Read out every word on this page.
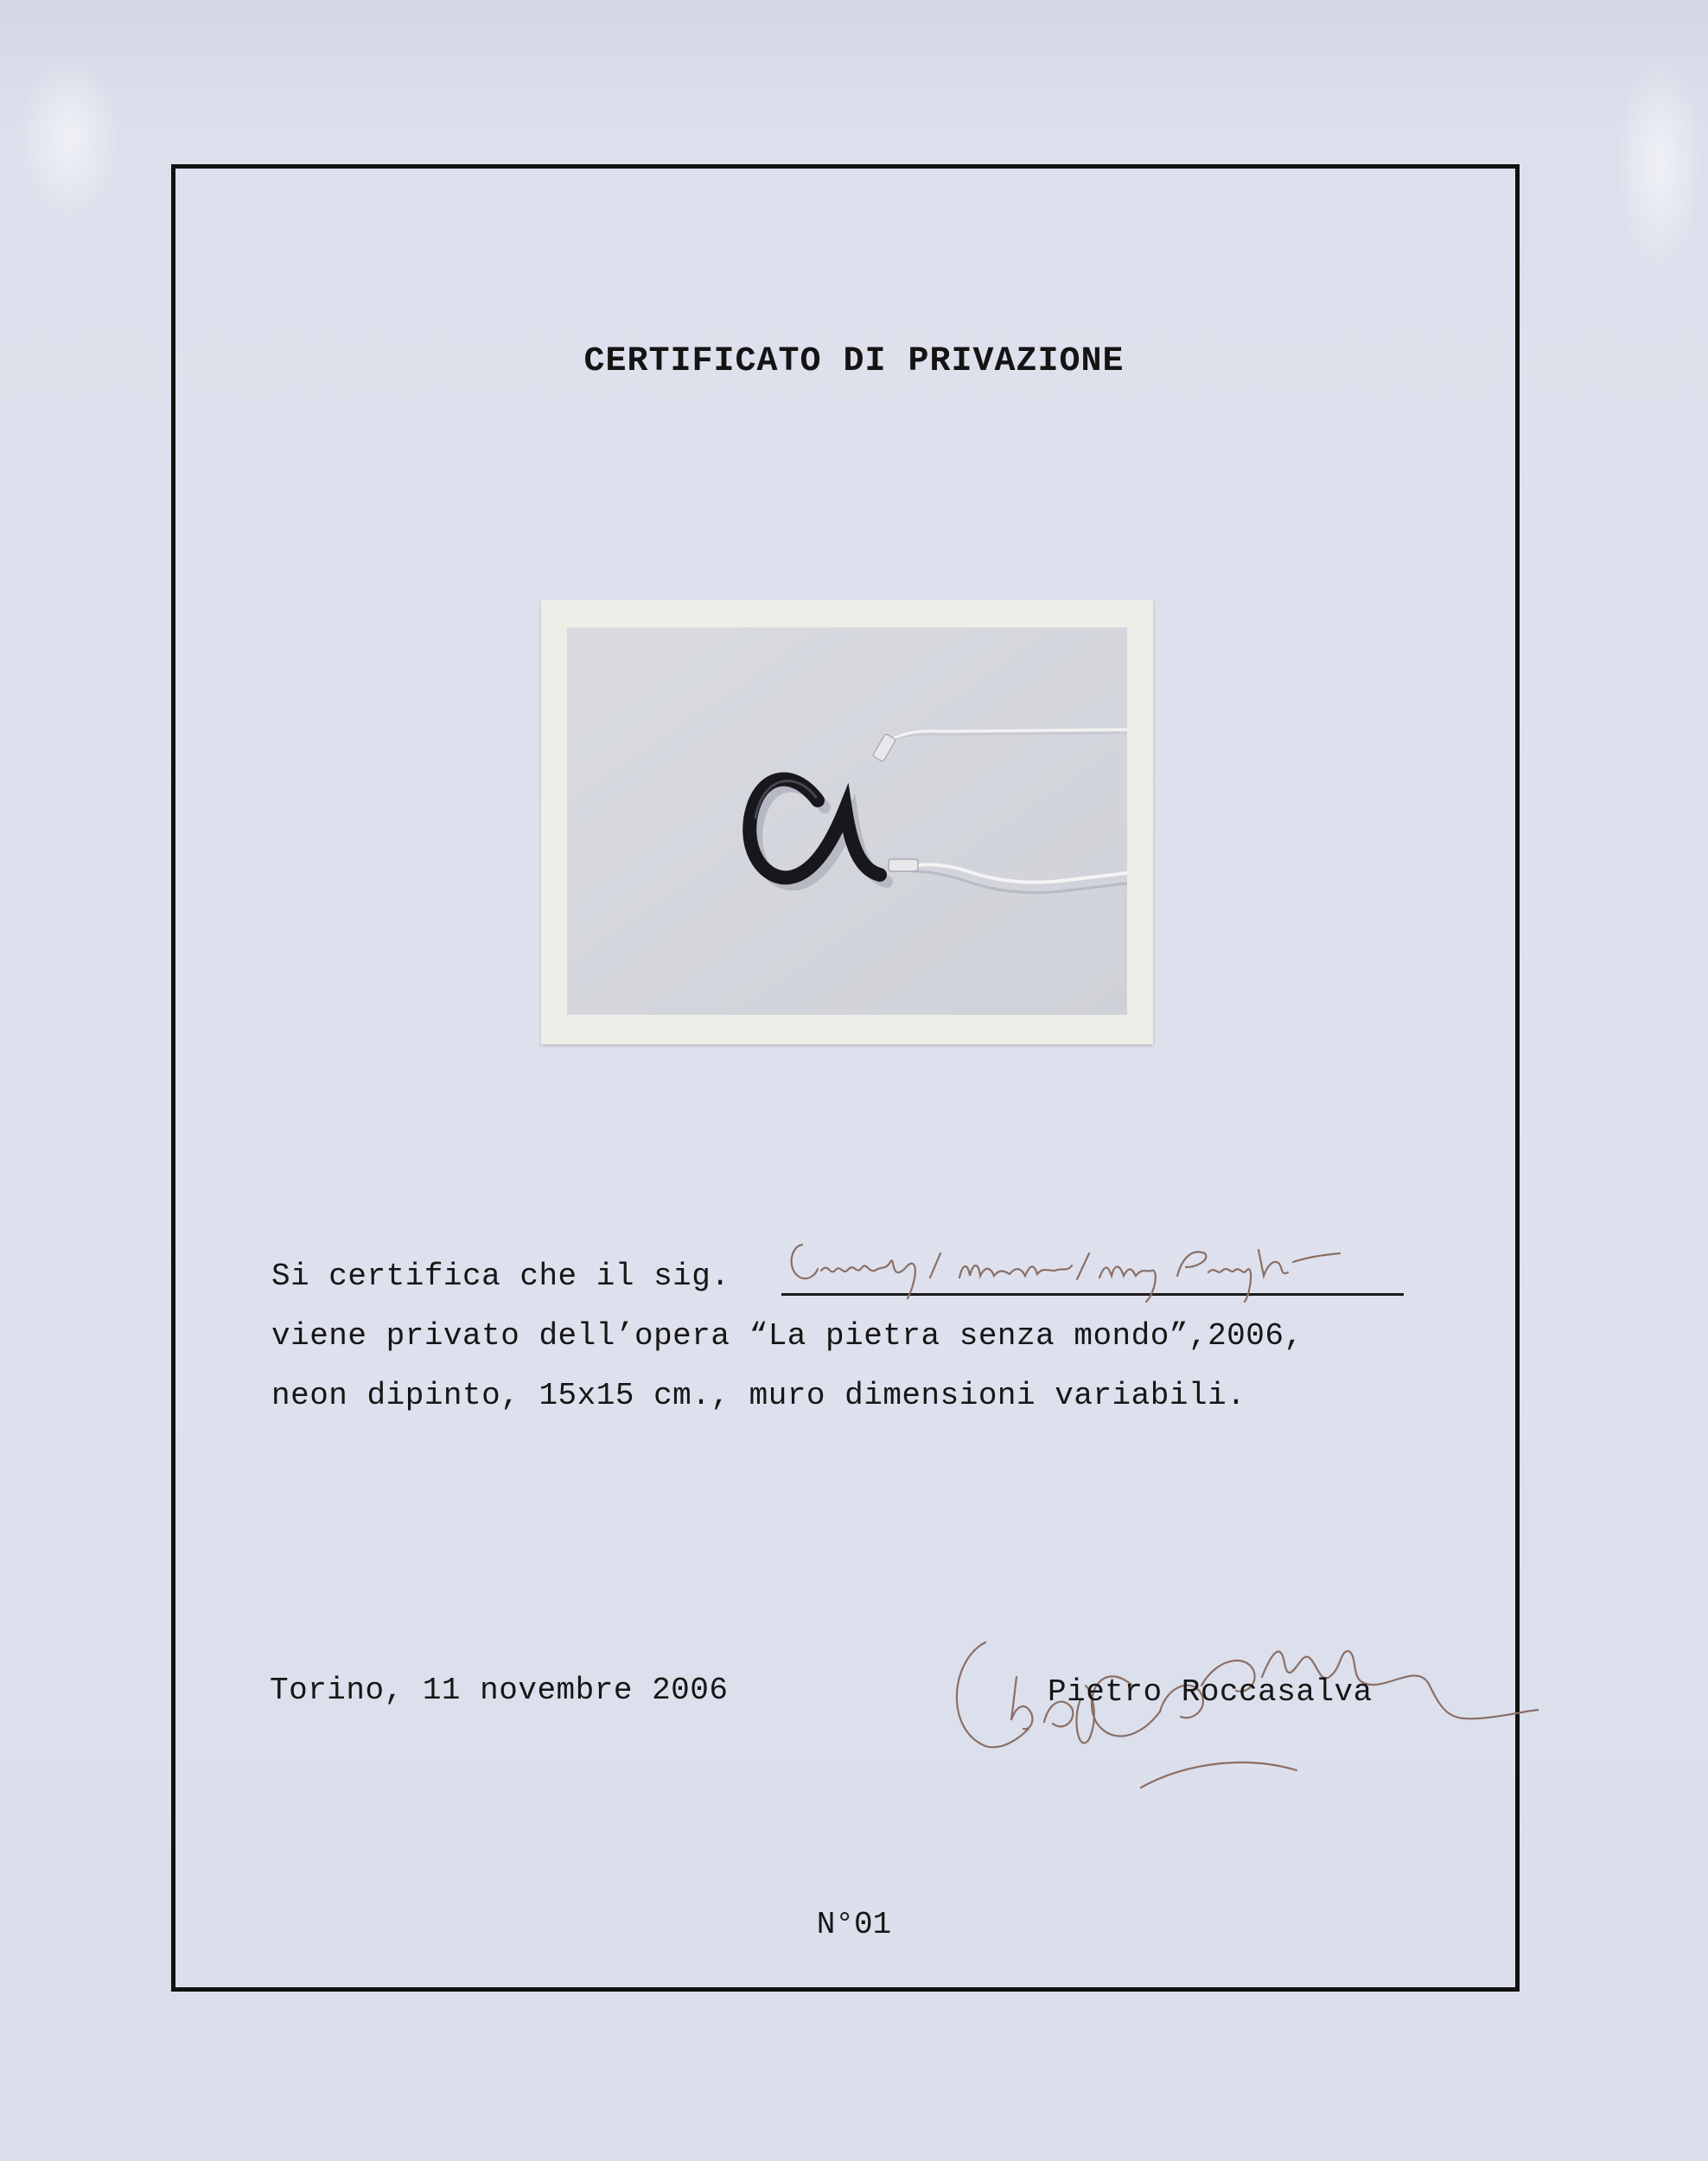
CERTIFICATO DI PRIVAZIONE
Si certifica che il sig.
viene privato dell’opera “La pietra senza mondo”,2006,
neon dipinto, 15x15 cm., muro dimensioni variabili.
Torino, 11 novembre 2006	Pietro Roccasalva
N°01
